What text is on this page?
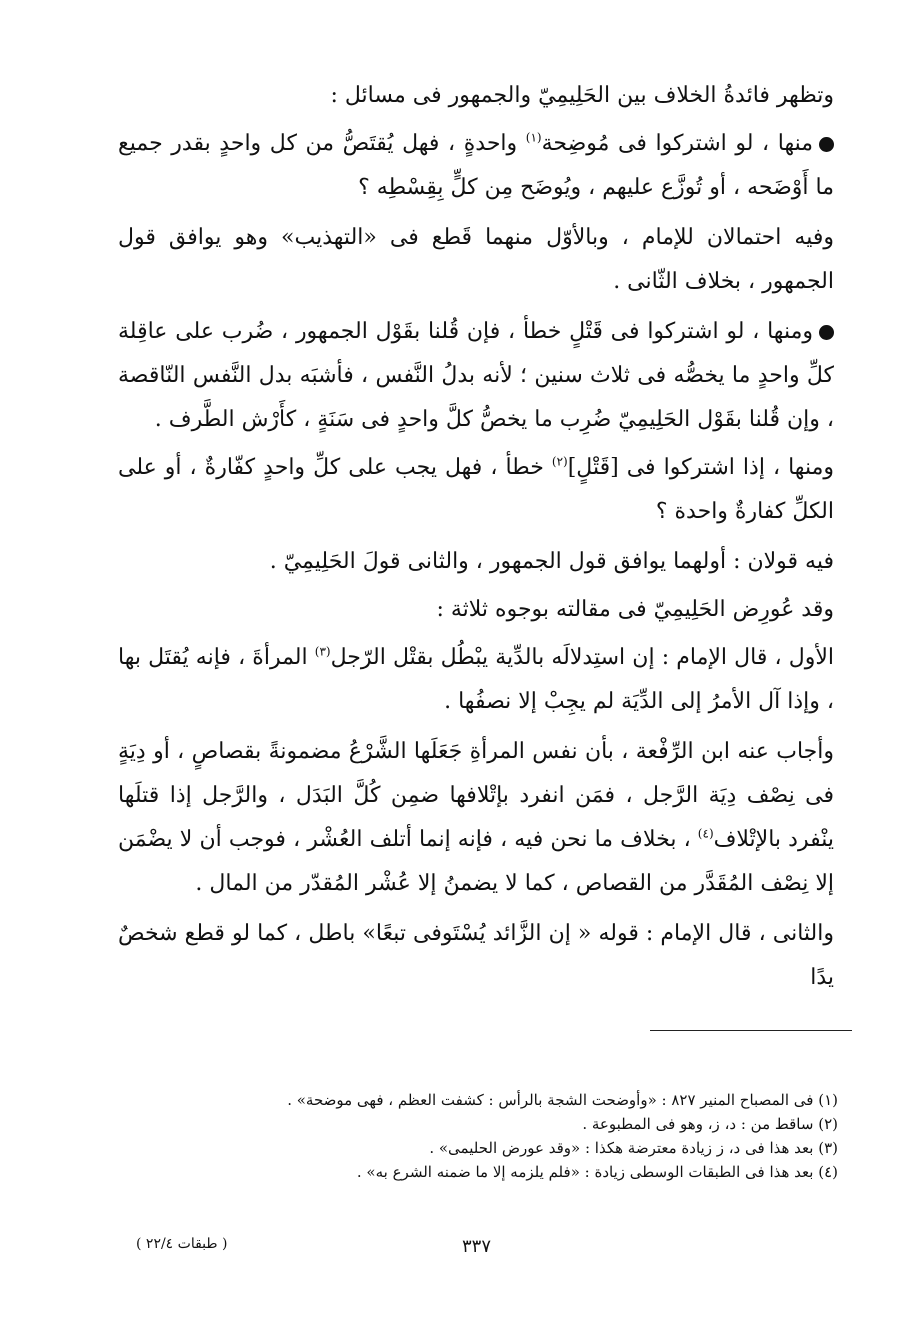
وتظهر فائدةُ الخلاف بين الحَلِيمِيّ والجمهور فى مسائل :

منها ، لو اشتركوا فى مُوضِحة$^{(١)}$ واحدةٍ ، فهل يُقتَصُّ من كل واحدٍ بقدر جميع ما أَوْضَحه ، أو تُوزَّع عليهم ، ويُوضَح مِن كلٍّ بِقِسْطِه ؟

وفيه احتمالان للإمام ، وبالأوّل منهما قَطع فى «التهذيب» وهو يوافق قول الجمهور ، بخلاف الثّانى .

ومنها ، لو اشتركوا فى قَتْلٍ خطأ ، فإن قُلنا بقَوْل الجمهور ، ضُرب على عاقِلة كلِّ واحدٍ ما يخصُّه فى ثلاث سنين ؛ لأنه بدلُ النَّفس ، فأشبَه بدل النَّفس النّاقصة ، وإن قُلنا بقَوْل الحَلِيمِيّ ضُرِب ما يخصُّ كلَّ واحدٍ فى سَنَةٍ ، كأَرْش الطَّرف .

ومنها ، إذا اشتركوا فى [قَتْلٍ]$^{(٢)}$ خطأ ، فهل يجب على كلِّ واحدٍ كفّارةٌ ، أو على الكلِّ كفارةٌ واحدة ؟

فيه قولان : أولهما يوافق قول الجمهور ، والثانى قولَ الحَلِيمِيّ .

وقد عُورِض الحَلِيمِيّ فى مقالته بوجوه ثلاثة :

الأول ، قال الإمام : إن استِدلالَه بالدِّية يبْطُل بقتْل الرّجل$^{(٣)}$ المرأةَ ، فإنه يُقتَل بها ، وإذا آل الأمرُ إلى الدِّيَة لم يجِبْ إلا نصفُها .

وأجاب عنه ابن الرِّفْعة ، بأن نفس المرأةِ جَعَلَها الشَّرْعُ مضمونةً بقصاصٍ ، أو دِيَةٍ فى نِصْف دِيَة الرَّجل ، فمَن انفرد بإتْلافها ضمِن كُلَّ البَدَل ، والرَّجل إذا قتلَها ينْفرد بالإتْلاف$^{(٤)}$ ، بخلاف ما نحن فيه ، فإنه إنما أتلف العُشْر ، فوجب أن لا يضْمَن إلا نِصْف المُقَدَّر من القصاص ، كما لا يضمنُ إلا عُشْر المُقدّر من المال .

والثانى ، قال الإمام : قوله « إن الزَّائد يُسْتَوفى تبعًا» باطل ، كما لو قطع شخصٌ يدًا

(١) فى المصباح المنير ٨٢٧ : «وأوضحت الشجة بالرأس : كشفت العظم ، فهى موضحة» .

(٢) ساقط من : د، ز، وهو فى المطبوعة .

(٣) بعد هذا فى د، ز زيادة معترضة هكذا : «وقد عورض الحليمى» .

(٤) بعد هذا فى الطبقات الوسطى زيادة : «فلم يلزمه إلا ما ضمنه الشرع به» .

٣٣٧
( طبقات ٢٢/٤ )
